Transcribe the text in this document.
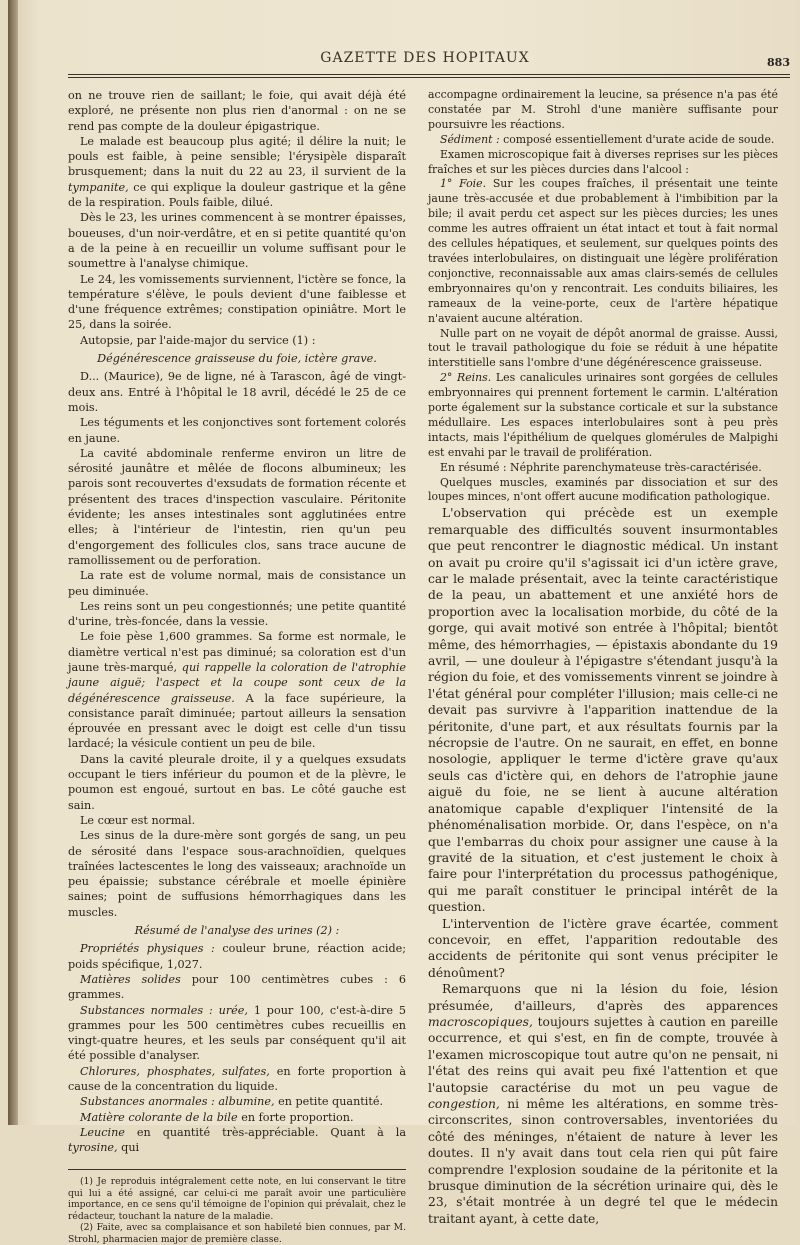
GAZETTE DES HOPITAUX	883

on ne trouve rien de saillant; le foie, qui avait déjà été exploré, ne présente non plus rien d'anormal : on ne se rend pas compte de la douleur épigastrique.

Le malade est beaucoup plus agité; il délire la nuit; le pouls est faible, à peine sensible; l'érysipèle disparaît brusquement; dans la nuit du 22 au 23, il survient de la tympanite, ce qui explique la douleur gastrique et la gêne de la respiration. Pouls faible, dilué.

Dès le 23, les urines commencent à se montrer épaisses, boueuses, d'un noir-verdâtre, et en si petite quantité qu'on a de la peine à en recueillir un volume suffisant pour le soumettre à l'analyse chimique.

Le 24, les vomissements surviennent, l'ictère se fonce, la température s'élève, le pouls devient d'une faiblesse et d'une fréquence extrêmes; constipation opiniâtre. Mort le 25, dans la soirée.

Autopsie, par l'aide-major du service (1) :

Dégénérescence graisseuse du foie, ictère grave.

D... (Maurice), 9e de ligne, né à Tarascon, âgé de vingt-deux ans. Entré à l'hôpital le 18 avril, décédé le 25 de ce mois.

Les téguments et les conjonctives sont fortement colorés en jaune.

La cavité abdominale renferme environ un litre de sérosité jaunâtre et mêlée de flocons albumineux; les parois sont recouvertes d'exsudats de formation récente et présentent des traces d'inspection vasculaire. Péritonite évidente; les anses intestinales sont agglutinées entre elles; à l'intérieur de l'intestin, rien qu'un peu d'engorgement des follicules clos, sans trace aucune de ramollissement ou de perforation.

La rate est de volume normal, mais de consistance un peu diminuée.

Les reins sont un peu congestionnés; une petite quantité d'urine, très-foncée, dans la vessie.

Le foie pèse 1,600 grammes. Sa forme est normale, le diamètre vertical n'est pas diminué; sa coloration est d'un jaune très-marqué, qui rappelle la coloration de l'atrophie jaune aiguë; l'aspect et la coupe sont ceux de la dégénérescence graisseuse. A la face supérieure, la consistance paraît diminuée; partout ailleurs la sensation éprouvée en pressant avec le doigt est celle d'un tissu lardacé; la vésicule contient un peu de bile.

Dans la cavité pleurale droite, il y a quelques exsudats occupant le tiers inférieur du poumon et de la plèvre, le poumon est engoué, surtout en bas. Le côté gauche est sain.

Le cœur est normal.

Les sinus de la dure-mère sont gorgés de sang, un peu de sérosité dans l'espace sous-arachnoïdien, quelques traînées lactescentes le long des vaisseaux; arachnoïde un peu épaissie; substance cérébrale et moelle épinière saines; point de suffusions hémorrhagiques dans les muscles.

Résumé de l'analyse des urines (2) :

Propriétés physiques : couleur brune, réaction acide; poids spécifique, 1,027.

Matières solides pour 100 centimètres cubes : 6 grammes.

Substances normales : urée, 1 pour 100, c'est-à-dire 5 grammes pour les 500 centimètres cubes recueillis en vingt-quatre heures, et les seuls par conséquent qu'il ait été possible d'analyser.

Chlorures, phosphates, sulfates, en forte proportion à cause de la concentration du liquide.

Substances anormales : albumine, en petite quantité.

Matière colorante de la bile en forte proportion.

Leucine en quantité très-appréciable. Quant à la tyrosine, qui

(1) Je reproduis intégralement cette note, en lui conservant le titre qui lui a été assigné, car celui-ci me paraît avoir une particulière importance, en ce sens qu'il témoigne de l'opinion qui prévalait, chez le rédacteur, touchant la nature de la maladie.

(2) Faite, avec sa complaisance et son habileté bien connues, par M. Strohl, pharmacien major de première classe.

accompagne ordinairement la leucine, sa présence n'a pas été constatée par M. Strohl d'une manière suffisante pour poursuivre les réactions.

Sédiment : composé essentiellement d'urate acide de soude.

Examen microscopique fait à diverses reprises sur les pièces fraîches et sur les pièces durcies dans l'alcool :

1° Foie. Sur les coupes fraîches, il présentait une teinte jaune très-accusée et due probablement à l'imbibition par la bile; il avait perdu cet aspect sur les pièces durcies; les unes comme les autres offraient un état intact et tout à fait normal des cellules hépatiques, et seulement, sur quelques points des travées interlobulaires, on distinguait une légère prolifération conjonctive, reconnaissable aux amas clairs-semés de cellules embryonnaires qu'on y rencontrait. Les conduits biliaires, les rameaux de la veine-porte, ceux de l'artère hépatique n'avaient aucune altération.

Nulle part on ne voyait de dépôt anormal de graisse. Aussi, tout le travail pathologique du foie se réduit à une hépatite interstitielle sans l'ombre d'une dégénérescence graisseuse.

2° Reins. Les canalicules urinaires sont gorgées de cellules embryonnaires qui prennent fortement le carmin. L'altération porte également sur la substance corticale et sur la substance médullaire. Les espaces interlobulaires sont à peu près intacts, mais l'épithélium de quelques glomérules de Malpighi est envahi par le travail de prolifération.

En résumé : Néphrite parenchymateuse très-caractérisée.

Quelques muscles, examinés par dissociation et sur des loupes minces, n'ont offert aucune modification pathologique.

L'observation qui précède est un exemple remarquable des difficultés souvent insurmontables que peut rencontrer le diagnostic médical. Un instant on avait pu croire qu'il s'agissait ici d'un ictère grave, car le malade présentait, avec la teinte caractéristique de la peau, un abattement et une anxiété hors de proportion avec la localisation morbide, du côté de la gorge, qui avait motivé son entrée à l'hôpital; bientôt même, des hémorrhagies, — épistaxis abondante du 19 avril, — une douleur à l'épigastre s'étendant jusqu'à la région du foie, et des vomissements vinrent se joindre à l'état général pour compléter l'illusion; mais celle-ci ne devait pas survivre à l'apparition inattendue de la péritonite, d'une part, et aux résultats fournis par la nécropsie de l'autre. On ne saurait, en effet, en bonne nosologie, appliquer le terme d'ictère grave qu'aux seuls cas d'ictère qui, en dehors de l'atrophie jaune aiguë du foie, ne se lient à aucune altération anatomique capable d'expliquer l'intensité de la phénoménalisation morbide. Or, dans l'espèce, on n'a que l'embarras du choix pour assigner une cause à la gravité de la situation, et c'est justement le choix à faire pour l'interprétation du processus pathogénique, qui me paraît constituer le principal intérêt de la question.

L'intervention de l'ictère grave écartée, comment concevoir, en effet, l'apparition redoutable des accidents de péritonite qui sont venus précipiter le dénoûment?

Remarquons que ni la lésion du foie, lésion présumée, d'ailleurs, d'après des apparences macroscopiques, toujours sujettes à caution en pareille occurrence, et qui s'est, en fin de compte, trouvée à l'examen microscopique tout autre qu'on ne pensait, ni l'état des reins qui avait peu fixé l'attention et que l'autopsie caractérise du mot un peu vague de congestion, ni même les altérations, en somme très-circonscrites, sinon controversables, inventoriées du côté des méninges, n'étaient de nature à lever les doutes. Il n'y avait dans tout cela rien qui pût faire comprendre l'explosion soudaine de la péritonite et la brusque diminution de la sécrétion urinaire qui, dès le 23, s'était montrée à un degré tel que le médecin traitant ayant, à cette date,
